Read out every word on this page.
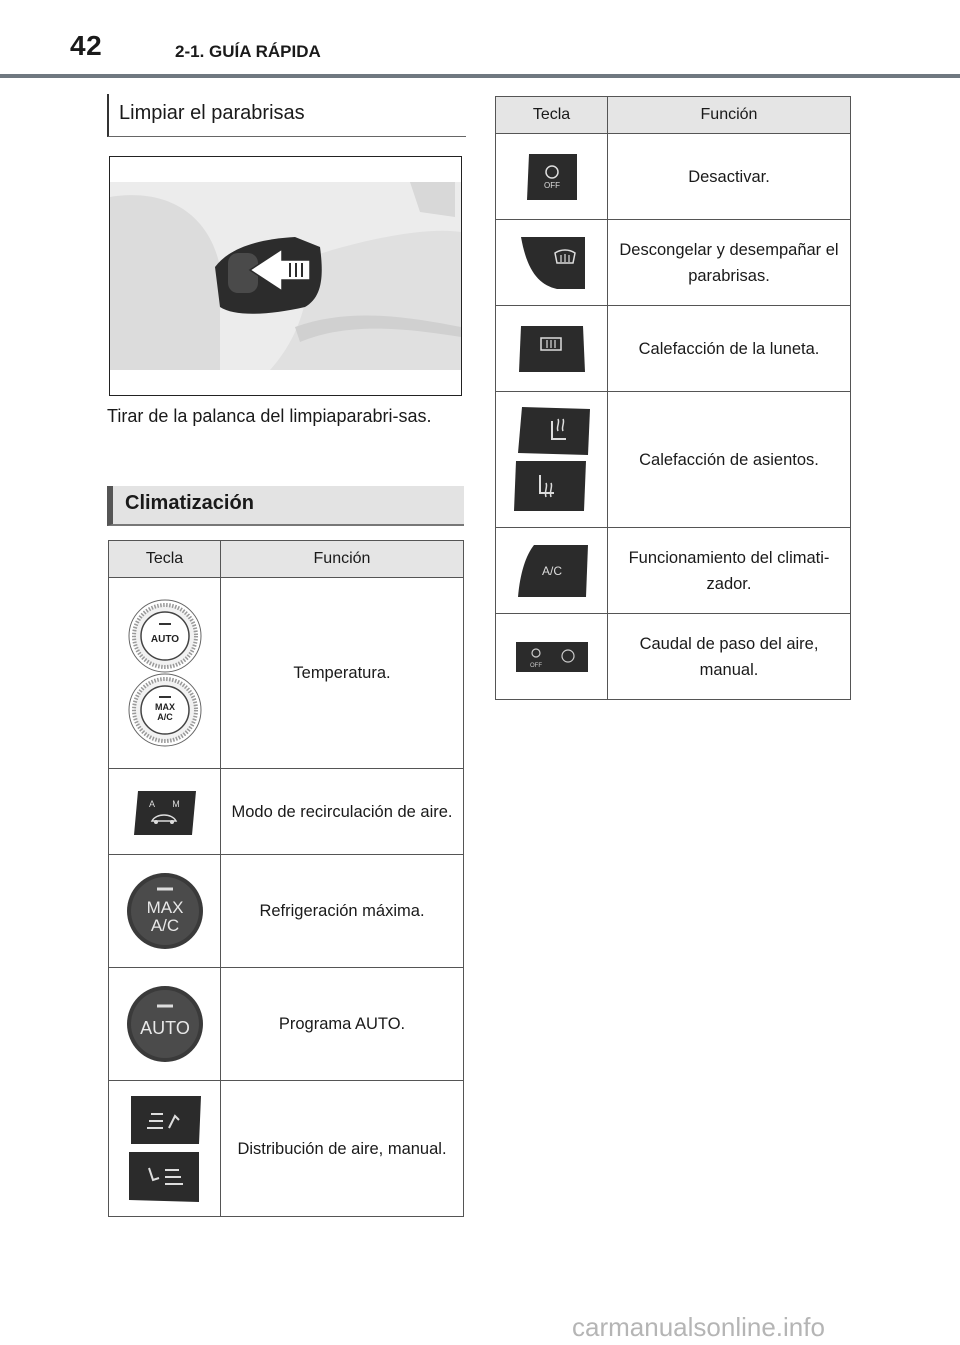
42	2-1. GUÍA RÁPIDA
Limpiar el parabrisas
Tirar de la palanca del limpiaparabri-sas.
Climatización
Tecla	Función

AUTO
MAX
A/C	Temperatura.

A M	Modo de recirculación de aire.

MAX
A/C	Refrigeración máxima.

AUTO	Programa AUTO.

	Distribución de aire, manual.
Tecla	Función

OFF	Desactivar.

	Descongelar y desempañar el parabrisas.

	Calefacción de la luneta.

	Calefacción de asientos.

A/C	Funcionamiento del climati-zador.

OFF	Caudal de paso del aire, manual.
carmanualsonline.info
